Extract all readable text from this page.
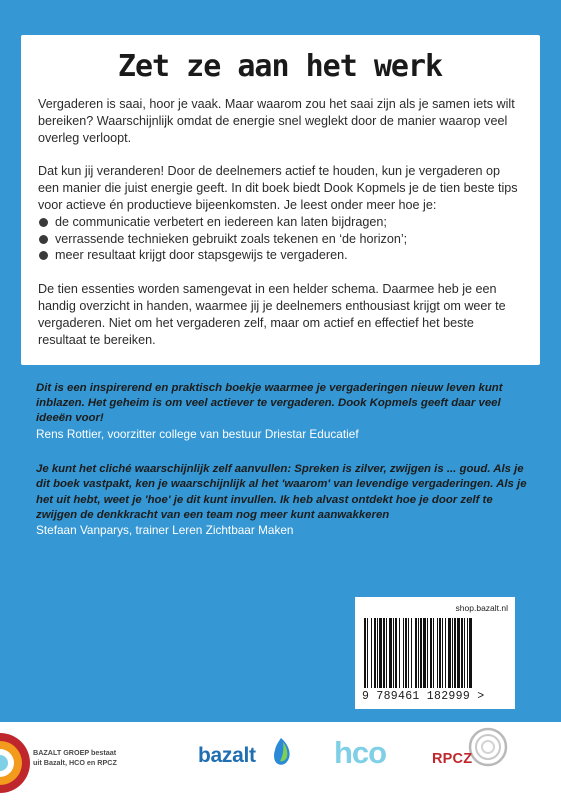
Zet ze aan het werk

Vergaderen is saai, hoor je vaak. Maar waarom zou het saai zijn als je samen iets wilt bereiken? Waarschijnlijk omdat de energie snel weglekt door de manier waarop veel overleg verloopt.

Dat kun jij veranderen! Door de deelnemers actief te houden, kun je vergaderen op een manier die juist energie geeft. In dit boek biedt Dook Kopmels je de tien beste tips voor actieve én productieve bijeenkomsten. Je leest onder meer hoe je:

de communicatie verbetert en iedereen kan laten bijdragen;
verrassende technieken gebruikt zoals tekenen en ‘de horizon’;
meer resultaat krijgt door stapsgewijs te vergaderen.

De tien essenties worden samengevat in een helder schema. Daarmee heb je een handig overzicht in handen, waarmee jij je deelnemers enthousiast krijgt om weer te vergaderen. Niet om het vergaderen zelf, maar om actief en effectief het beste resultaat te bereiken.

Dit is een inspirerend en praktisch boekje waarmee je vergaderingen nieuw leven kunt inblazen. Het geheim is om veel actiever te vergaderen. Dook Kopmels geeft daar veel ideeën voor!

Rens Rottier, voorzitter college van bestuur Driestar Educatief

Je kunt het cliché waarschijnlijk zelf aanvullen: Spreken is zilver, zwijgen is ... goud. Als je dit boek vastpakt, ken je waarschijnlijk al het 'waarom' van levendige vergaderingen. Als je het uit hebt, weet je 'hoe' je dit kunt invullen. Ik heb alvast ontdekt hoe je door zelf te zwijgen de denkkracht van een team nog meer kunt aanwakkeren

Stefaan Vanparys, trainer Leren Zichtbaar Maken

shop.bazalt.nl
9 789461 182999 >
BAZALT GROEP bestaat
uit Bazalt, HCO en RPCZ	bazalt	hco	RPCZ
